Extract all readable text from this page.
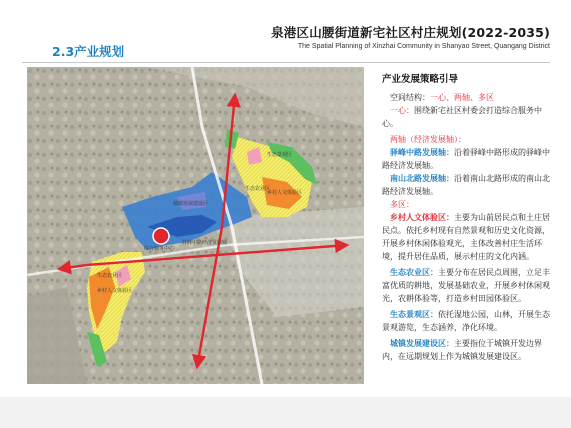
泉港区山腰街道新宅社区村庄规划(2022-2035)
The Spatial Planning of Xinzhai Community in Shanyao Street, Quangang District
2.3产业规划
生态农业区
生态景观区
乡村人文体验区
乡村人文体验区
生态农业区
城镇发展建设区
综合服务中心
驿峰中路经济发展轴
产业发展策略引导

空间结构：一心、两轴、多区

一心：围绕新宅社区村委会打造综合服务中心。

两轴（经济发展轴）：

驿峰中路发展轴：沿着驿峰中路形成的驿峰中路经济发展轴。

南山北路发展轴：沿着南山北路形成的南山北路经济发展轴。

多区：

乡村人文体验区：主要为山前居民点和土庄居民点。依托乡村现有自然景观和历史文化资源，开展乡村休闲体验观光，主体改善村庄生活环境，提升居住品质，展示村庄的文化内涵。

生态农业区：主要分布在居民点周围，立足丰富优质的耕地，发展基础农业，开展乡村休闲观光，农耕体验等，打造乡村田园体验区。

生态景观区：依托湿地公园，山林，开展生态景观游览，生态涵养，净化环境。

城镇发展建设区：主要指位于城镇开发边界内，在远期规划上作为城镇发展建设区。
